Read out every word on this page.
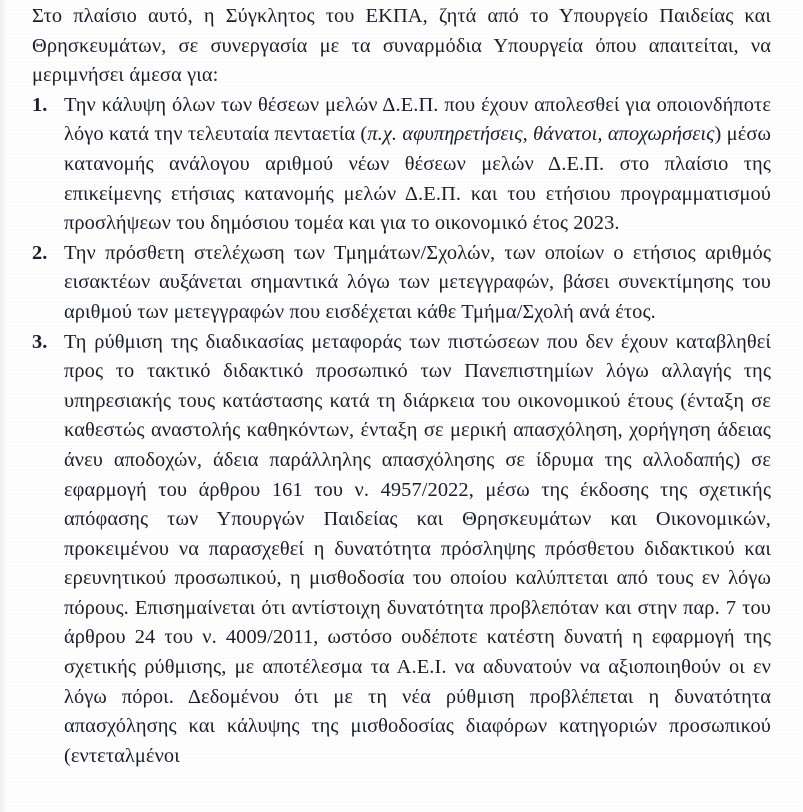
Στο πλαίσιο αυτό, η Σύγκλητος του ΕΚΠΑ, ζητά από το Υπουργείο Παιδείας και Θρησκευμάτων, σε συνεργασία με τα συναρμόδια Υπουργεία όπου απαιτείται, να μεριμνήσει άμεσα για:

1. Την κάλυψη όλων των θέσεων μελών Δ.Ε.Π. που έχουν απολεσθεί για οποιονδήποτε λόγο κατά την τελευταία πενταετία (π.χ. αφυπηρετήσεις, θάνατοι, αποχωρήσεις) μέσω κατανομής ανάλογου αριθμού νέων θέσεων μελών Δ.Ε.Π. στο πλαίσιο της επικείμενης ετήσιας κατανομής μελών Δ.Ε.Π. και του ετήσιου προγραμματισμού προσλήψεων του δημόσιου τομέα και για το οικονομικό έτος 2023.
2. Την πρόσθετη στελέχωση των Τμημάτων/Σχολών, των οποίων ο ετήσιος αριθμός εισακτέων αυξάνεται σημαντικά λόγω των μετεγγραφών, βάσει συνεκτίμησης του αριθμού των μετεγγραφών που εισδέχεται κάθε Τμήμα/Σχολή ανά έτος.
3. Τη ρύθμιση της διαδικασίας μεταφοράς των πιστώσεων που δεν έχουν καταβληθεί προς το τακτικό διδακτικό προσωπικό των Πανεπιστημίων λόγω αλλαγής της υπηρεσιακής τους κατάστασης κατά τη διάρκεια του οικονομικού έτους (ένταξη σε καθεστώς αναστολής καθηκόντων, ένταξη σε μερική απασχόληση, χορήγηση άδειας άνευ αποδοχών, άδεια παράλληλης απασχόλησης σε ίδρυμα της αλλοδαπής) σε εφαρμογή του άρθρου 161 του ν. 4957/2022, μέσω της έκδοσης της σχετικής απόφασης των Υπουργών Παιδείας και Θρησκευμάτων και Οικονομικών, προκειμένου να παρασχεθεί η δυνατότητα πρόσληψης πρόσθετου διδακτικού και ερευνητικού προσωπικού, η μισθοδοσία του οποίου καλύπτεται από τους εν λόγω πόρους. Επισημαίνεται ότι αντίστοιχη δυνατότητα προβλεπόταν και στην παρ. 7 του άρθρου 24 του ν. 4009/2011, ωστόσο ουδέποτε κατέστη δυνατή η εφαρμογή της σχετικής ρύθμισης, με αποτέλεσμα τα Α.Ε.Ι. να αδυνατούν να αξιοποιηθούν οι εν λόγω πόροι. Δεδομένου ότι με τη νέα ρύθμιση προβλέπεται η δυνατότητα απασχόλησης και κάλυψης της μισθοδοσίας διαφόρων κατηγοριών προσωπικού (εντεταλμένοι
